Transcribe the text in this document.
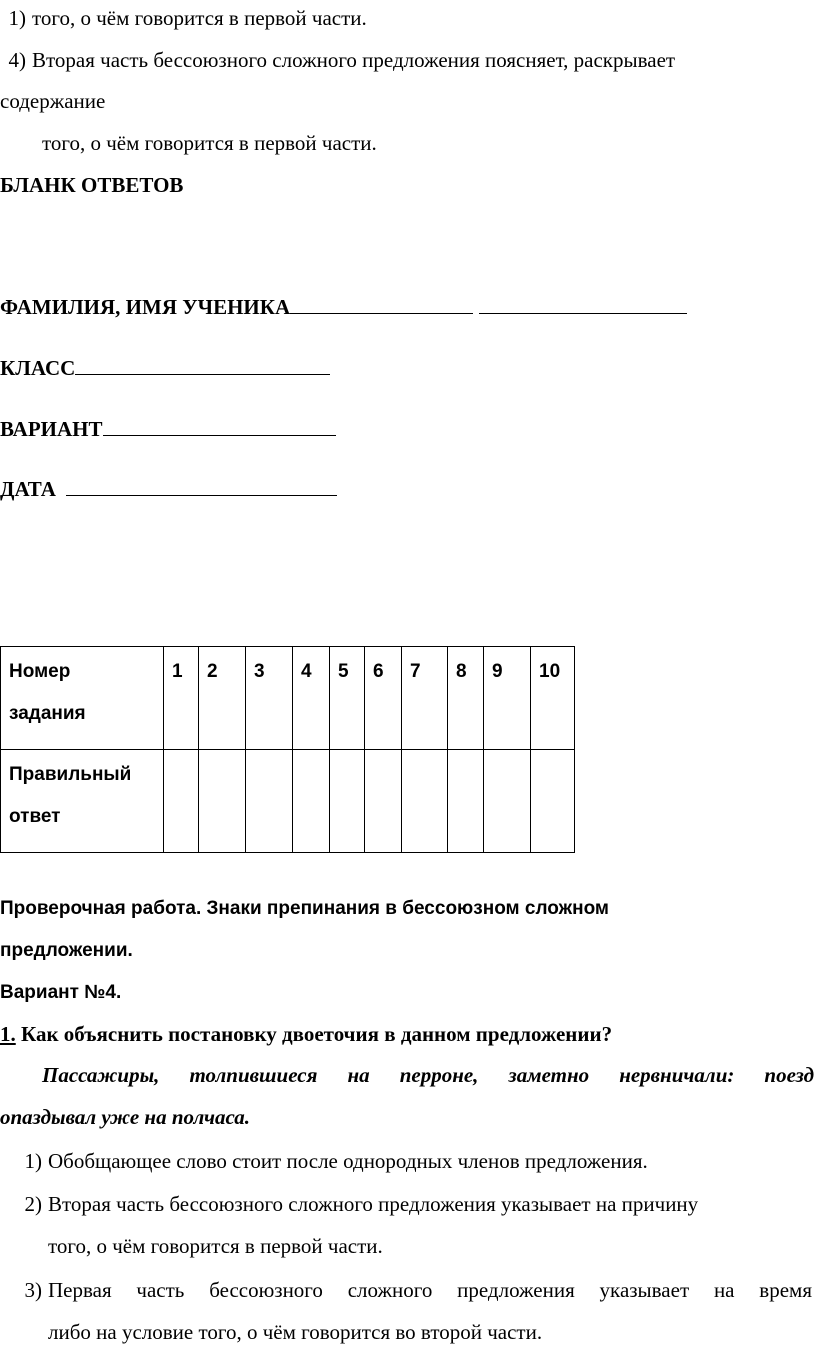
1) того, о чём говорится в первой части.
4) Вторая часть бессоюзного сложного предложения поясняет, раскрывает
содержание
того, о чём говорится в первой части.
БЛАНК ОТВЕТОВ
ФАМИЛИЯ, ИМЯ УЧЕНИКА
КЛАСС
ВАРИАНТ
ДАТА
Номер
задания	1	2	3	4	5	6	7	8	9	10

Правильный
ответ										

Проверочная работа. Знаки препинания в бессоюзном сложном
предложении.
Вариант №4.
1. Как объяснить постановку двоеточия в данном предложении?
Пассажиры, толпившиеся на перроне, заметно нервничали: поезд
опаздывал уже на полчаса.
1) Обобщающее слово стоит после однородных членов предложения.
2) Вторая часть бессоюзного сложного предложения указывает на причину
того, о чём говорится в первой части.
3) Первая часть бессоюзного сложного предложения указывает на время
либо на условие того, о чём говорится во второй части.
